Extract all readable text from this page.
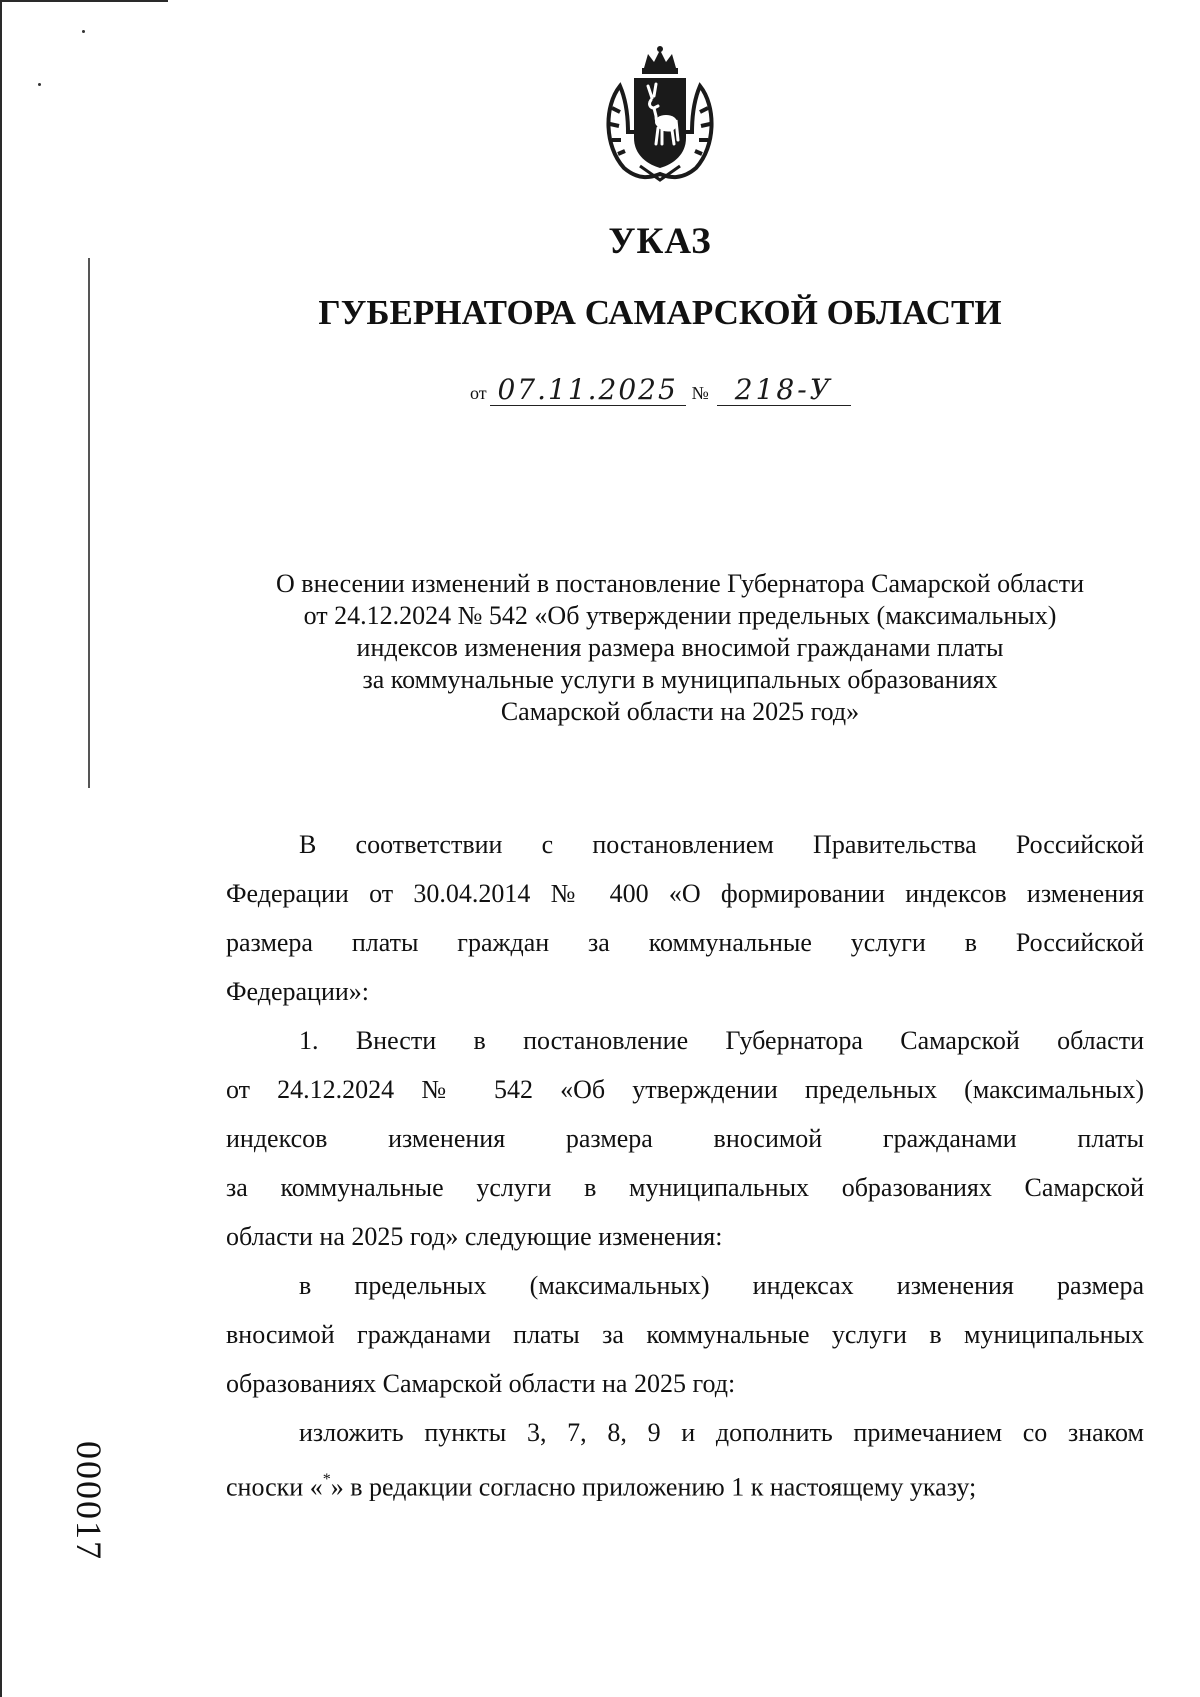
УКАЗ
ГУБЕРНАТОРА САМАРСКОЙ ОБЛАСТИ
от 07.11.2025 № 218-У
О внесении изменений в постановление Губернатора Самарской области
от 24.12.2024 № 542 «Об утверждении предельных (максимальных)
индексов изменения размера вносимой гражданами платы
за коммунальные услуги в муниципальных образованиях
Самарской области на 2025 год»
В соответствии с постановлением Правительства Российской
Федерации от 30.04.2014 № 400 «О формировании индексов изменения
размера платы граждан за коммунальные услуги в Российской
Федерации»:
1. Внести в постановление Губернатора Самарской области
от 24.12.2024 № 542 «Об утверждении предельных (максимальных)
индексов изменения размера вносимой гражданами платы
за коммунальные услуги в муниципальных образованиях Самарской
области на 2025 год» следующие изменения:
в предельных (максимальных) индексах изменения размера
вносимой гражданами платы за коммунальные услуги в муниципальных
образованиях Самарской области на 2025 год:
изложить пункты 3, 7, 8, 9 и дополнить примечанием со знаком
сноски «*» в редакции согласно приложению 1 к настоящему указу;
000017
